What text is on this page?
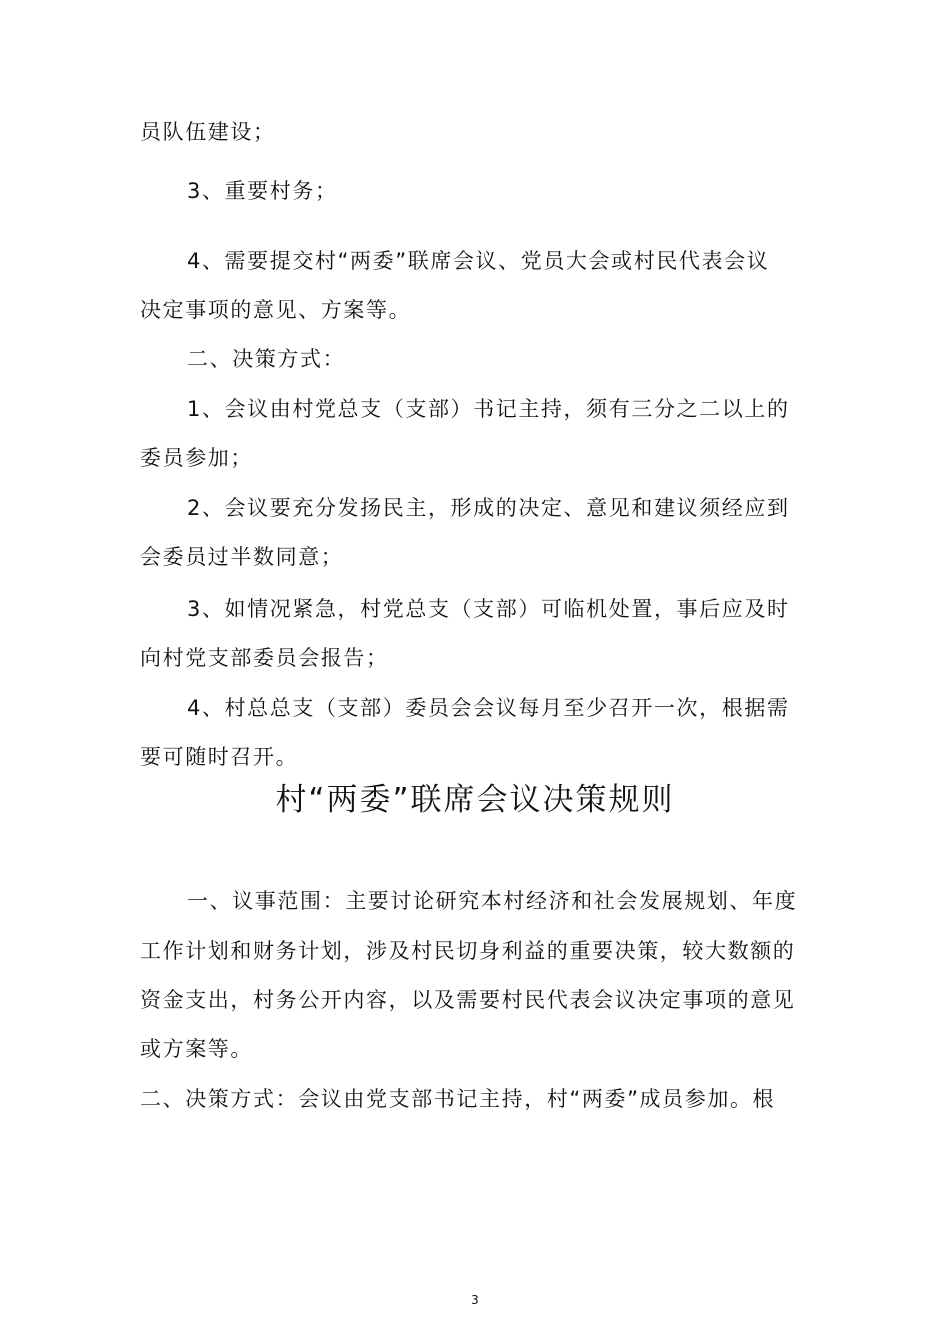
员队伍建设；

3、重要村务；

4、需要提交村“两委”联席会议、党员大会或村民代表会议

决定事项的意见、方案等。

二、决策方式：

1、会议由村党总支（支部）书记主持，须有三分之二以上的

委员参加；

2、会议要充分发扬民主，形成的决定、意见和建议须经应到

会委员过半数同意；

3、如情况紧急，村党总支（支部）可临机处置，事后应及时

向村党支部委员会报告；

4、村总总支（支部）委员会会议每月至少召开一次，根据需

要可随时召开。

村“两委”联席会议决策规则

一、议事范围：主要讨论研究本村经济和社会发展规划、年度

工作计划和财务计划，涉及村民切身利益的重要决策，较大数额的

资金支出，村务公开内容，以及需要村民代表会议决定事项的意见

或方案等。

二、决策方式：会议由党支部书记主持，村“两委”成员参加。根

3
